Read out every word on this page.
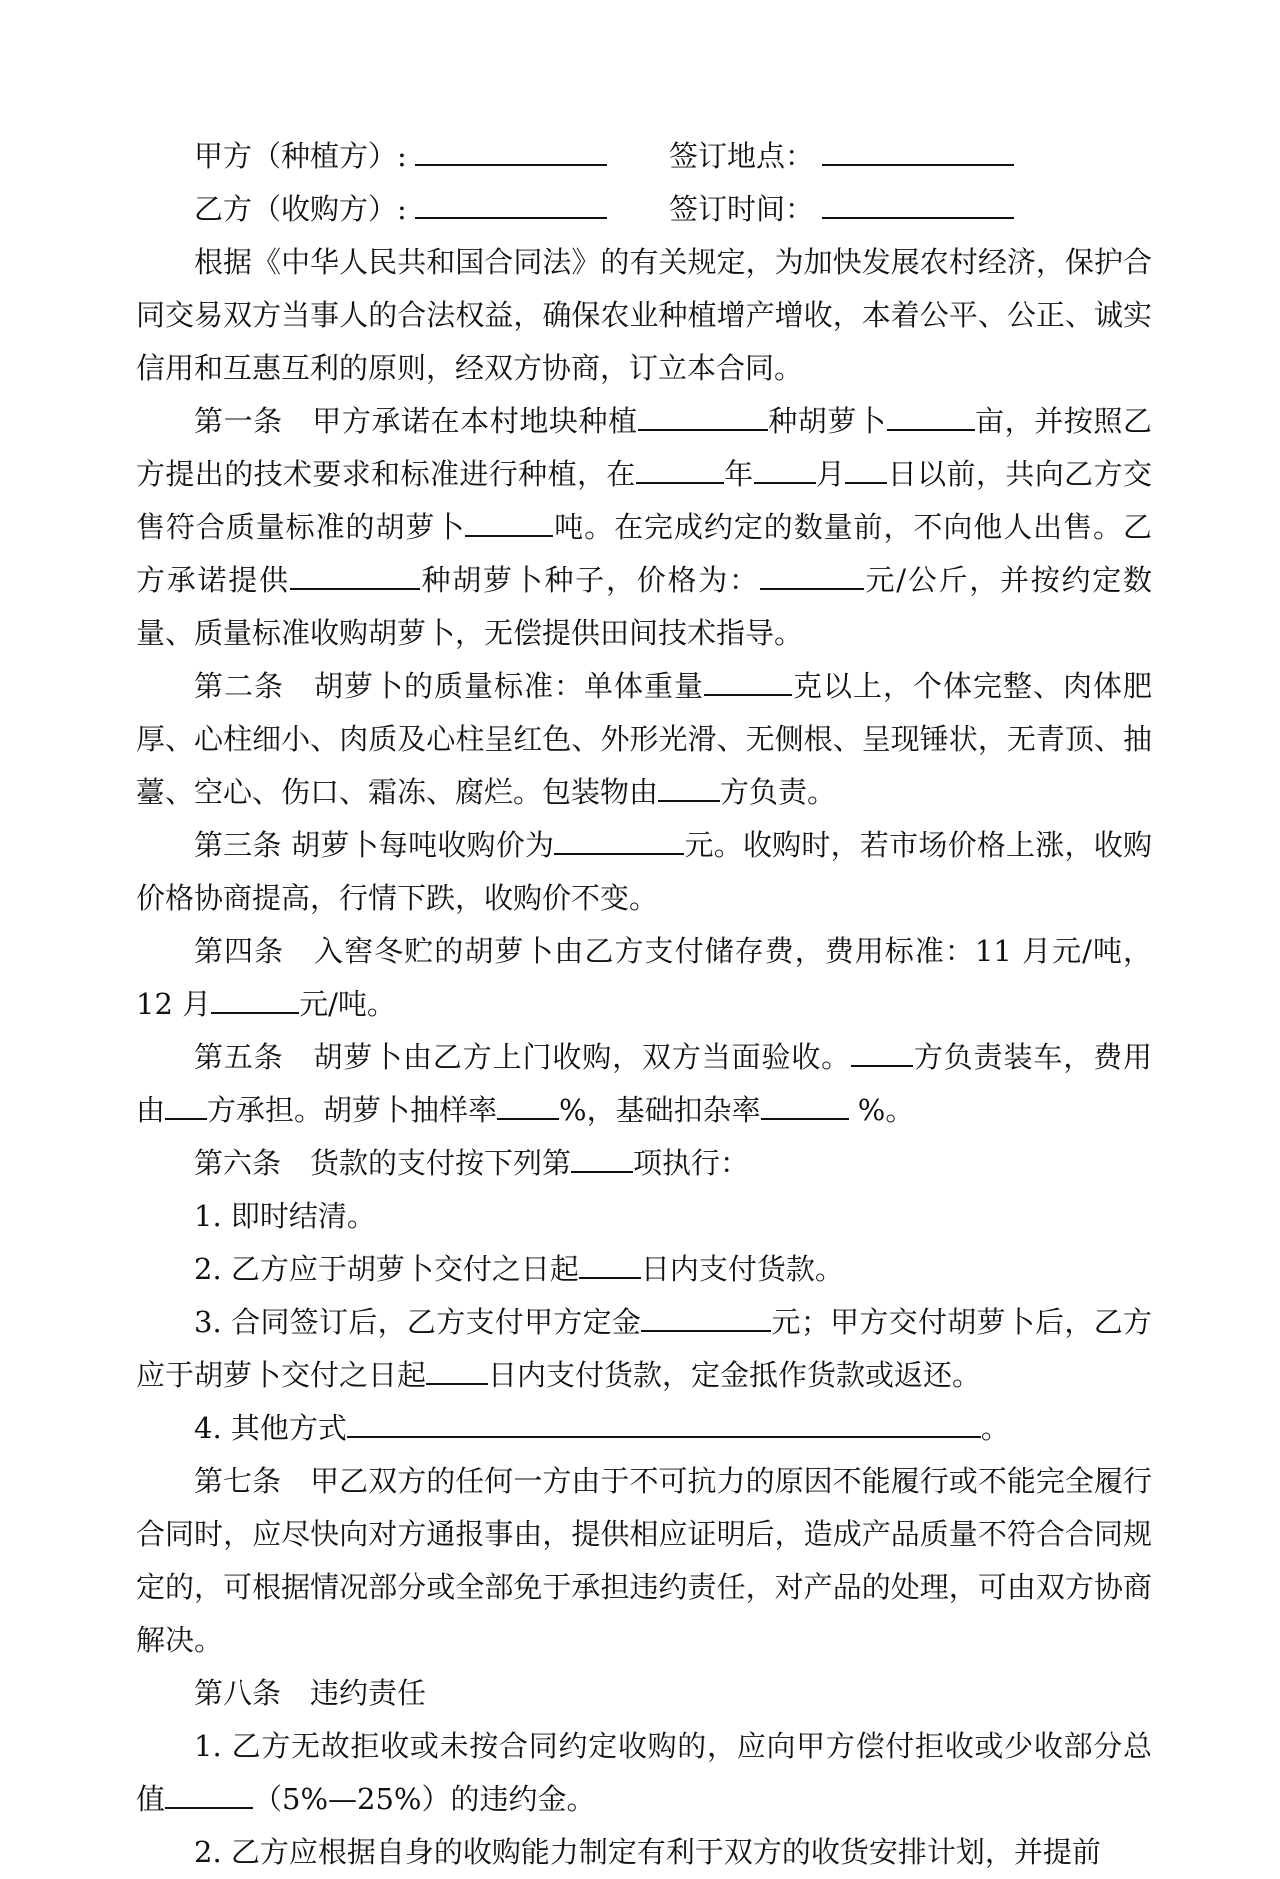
甲方（种植方）:	签订地点：
乙方（收购方）:	签订时间：

根据《中华人民共和国合同法》的有关规定，为加快发展农村经济，保护合同交易双方当事人的合法权益，确保农业种植增产增收，本着公平、公正、诚实信用和互惠互利的原则，经双方协商，订立本合同。

第一条　甲方承诺在本村地块种植	种胡萝卜	亩，并按照乙方提出的技术要求和标准进行种植，在	年 月 日以前，共向乙方交售符合质量标准的胡萝卜	吨。在完成约定的数量前，不向他人出售。乙方承诺提供	种胡萝卜种子，价格为：	元/公斤，并按约定数量、质量标准收购胡萝卜，无偿提供田间技术指导。

第二条　胡萝卜的质量标准：单体重量	克以上，个体完整、肉体肥厚、心柱细小、肉质及心柱呈红色、外形光滑、无侧根、呈现锤状，无青顶、抽薹、空心、伤口、霜冻、腐烂。包装物由 方负责。

第三条 胡萝卜每吨收购价为	元。收购时，若市场价格上涨，收购价格协商提高，行情下跌，收购价不变。

第四条　入窖冬贮的胡萝卜由乙方支付储存费，费用标准：11 月元/吨，12 月	元/吨。

第五条　胡萝卜由乙方上门收购，双方当面验收。 方负责装车，费用由 方承担。胡萝卜抽样率 %，基础扣杂率	%。

第六条　货款的支付按下列第 项执行：

1. 即时结清。

2. 乙方应于胡萝卜交付之日起 日内支付货款。

3. 合同签订后，乙方支付甲方定金	元；甲方交付胡萝卜后，乙方应于胡萝卜交付之日起 日内支付货款，定金抵作货款或返还。

4. 其他方式	。

第七条　甲乙双方的任何一方由于不可抗力的原因不能履行或不能完全履行合同时，应尽快向对方通报事由，提供相应证明后，造成产品质量不符合合同规定的，可根据情况部分或全部免于承担违约责任，对产品的处理，可由双方协商解决。

第八条　违约责任

1. 乙方无故拒收或未按合同约定收购的，应向甲方偿付拒收或少收部分总值	（5%—25%）的违约金。

2. 乙方应根据自身的收购能力制定有利于双方的收货安排计划，并提前
